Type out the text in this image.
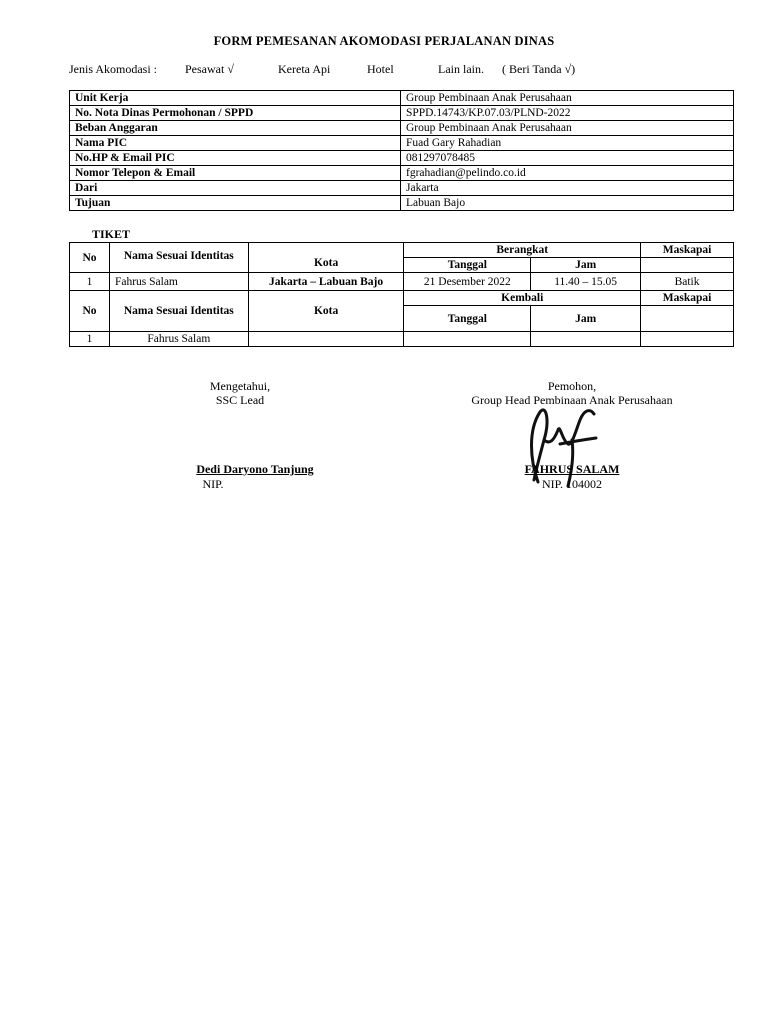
FORM PEMESANAN AKOMODASI PERJALANAN DINAS
Jenis Akomodasi : Pesawat √	Kereta Api	Hotel	Lain lain. ( Beri Tanda √)
Unit Kerja	Group Pembinaan Anak Perusahaan
No. Nota Dinas Permohonan / SPPD	SPPD.14743/KP.07.03/PLND-2022
Beban Anggaran	Group Pembinaan Anak Perusahaan
Nama PIC	Fuad Gary Rahadian
No.HP & Email PIC	081297078485
Nomor Telepon & Email	fgrahadian@pelindo.co.id
Dari	Jakarta
Tujuan	Labuan Bajo
TIKET
No	Nama Sesuai Identitas	Kota	Berangkat		Maskapai
			Tanggal	Jam	
1	Fahrus Salam	Jakarta – Labuan Bajo	21 Desember 2022	11.40 – 15.05	Batik
No	Nama Sesuai Identitas	Kota	Kembali		Maskapai
			Tanggal	Jam	
1	Fahrus Salam				
Mengetahui,
SSC Lead
Dedi Daryono Tanjung
NIP.
Pemohon,
Group Head Pembinaan Anak Perusahaan
FAHRUS SALAM
NIP. 104002
